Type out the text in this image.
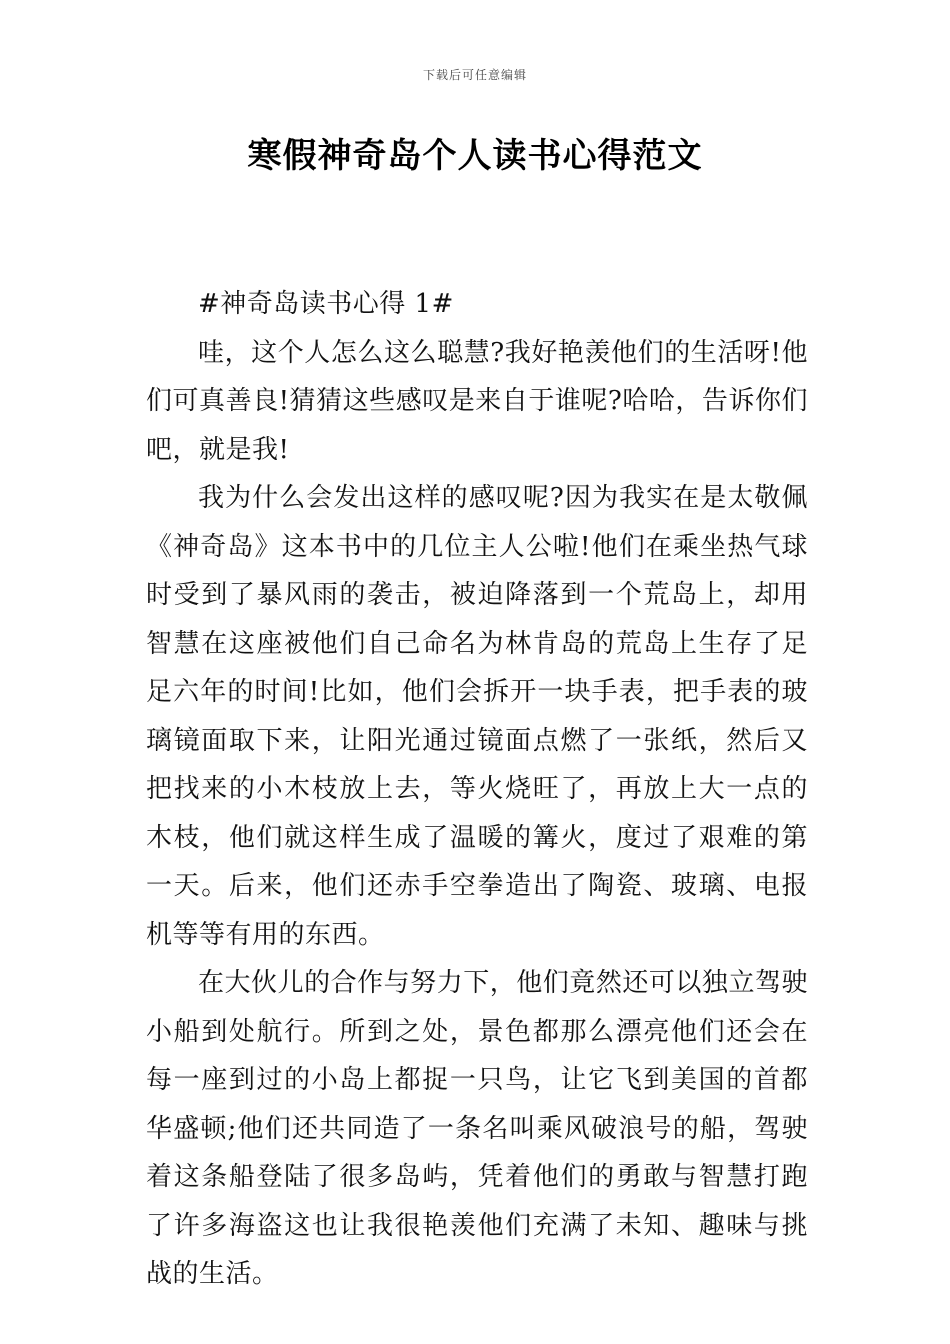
下载后可任意编辑
寒假神奇岛个人读书心得范文

#神奇岛读书心得 1#

哇，这个人怎么这么聪慧?我好艳羡他们的生活呀!他们可真善良!猜猜这些感叹是来自于谁呢?哈哈，告诉你们吧，就是我!

我为什么会发出这样的感叹呢?因为我实在是太敬佩《神奇岛》这本书中的几位主人公啦!他们在乘坐热气球时受到了暴风雨的袭击，被迫降落到一个荒岛上，却用智慧在这座被他们自己命名为林肯岛的荒岛上生存了足足六年的时间!比如，他们会拆开一块手表，把手表的玻璃镜面取下来，让阳光通过镜面点燃了一张纸，然后又把找来的小木枝放上去，等火烧旺了，再放上大一点的木枝，他们就这样生成了温暖的篝火，度过了艰难的第一天。后来，他们还赤手空拳造出了陶瓷、玻璃、电报机等等有用的东西。

在大伙儿的合作与努力下，他们竟然还可以独立驾驶小船到处航行。所到之处，景色都那么漂亮他们还会在每一座到过的小岛上都捉一只鸟，让它飞到美国的首都华盛顿;他们还共同造了一条名叫乘风破浪号的船，驾驶着这条船登陆了很多岛屿，凭着他们的勇敢与智慧打跑了许多海盗这也让我很艳羡他们充满了未知、趣味与挑战的生活。
